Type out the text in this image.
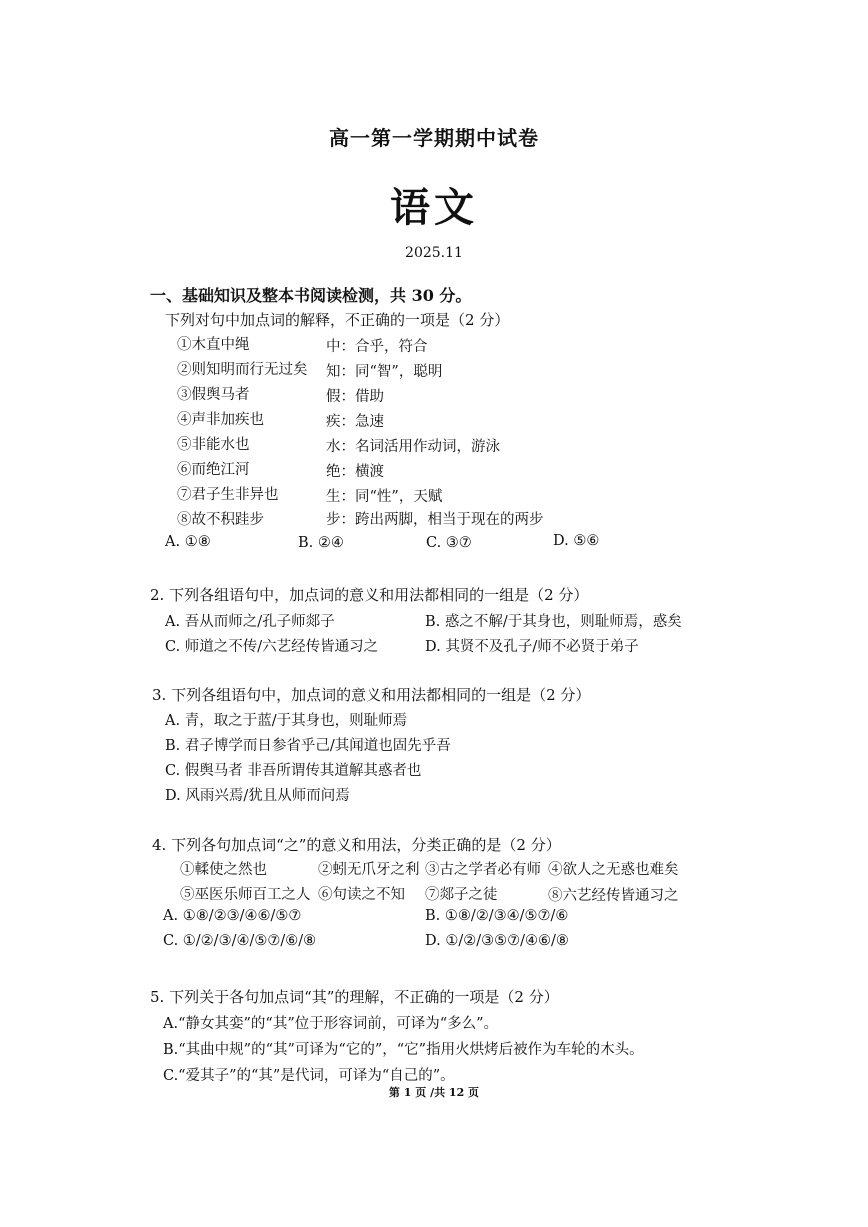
高一第一学期期中试卷
语文
2025.11
一、基础知识及整本书阅读检测，共 30 分。
下列对句中加点词的解释，不正确的一项是（2 分）
①木直中绳	中：合乎，符合
②则知明而行无过矣 知：同“智”，聪明
③假舆马者	假：借助
④声非加疾也	疾：急速
⑤非能水也	水：名词活用作动词，游泳
⑥而绝江河	绝：横渡
⑦君子生非异也	生：同“性”，天赋
⑧故不积跬步	步：跨出两脚，相当于现在的两步
A. ①⑧	B. ②④	C. ③⑦	D. ⑤⑥
2. 下列各组语句中，加点词的意义和用法都相同的一组是（2 分）
A. 吾从而师之/孔子师郯子	B. 惑之不解/于其身也，则耻师焉，惑矣
C. 师道之不传/六艺经传皆通习之	D. 其贤不及孔子/师不必贤于弟子
3. 下列各组语句中，加点词的意义和用法都相同的一组是（2 分）
A. 青，取之于蓝/于其身也，则耻师焉
B. 君子博学而日参省乎己/其闻道也固先乎吾
C. 假舆马者 非吾所谓传其道解其惑者也
D. 风雨兴焉/犹且从师而问焉
4. 下列各句加点词“之”的意义和用法，分类正确的是（2 分）
①輮使之然也	②蚓无爪牙之利 ③古之学者必有师 ④欲人之无惑也难矣
⑤巫医乐师百工之人 ⑥句读之不知 ⑦郯子之徒	⑧六艺经传皆通习之
A. ①⑧/②③/④⑥/⑤⑦	B. ①⑧/②/③④/⑤⑦/⑥
C. ①/②/③/④/⑤⑦/⑥/⑧	D. ①/②/③⑤⑦/④⑥/⑧
5. 下列关于各句加点词“其”的理解，不正确的一项是（2 分）
A.“静女其娈”的“其”位于形容词前，可译为“多么”。
B.“其曲中规”的“其”可译为“它的”，“它”指用火烘烤后被作为车轮的木头。
C.“爱其子”的“其”是代词，可译为“自己的”。
第 1 页 /共 12 页
